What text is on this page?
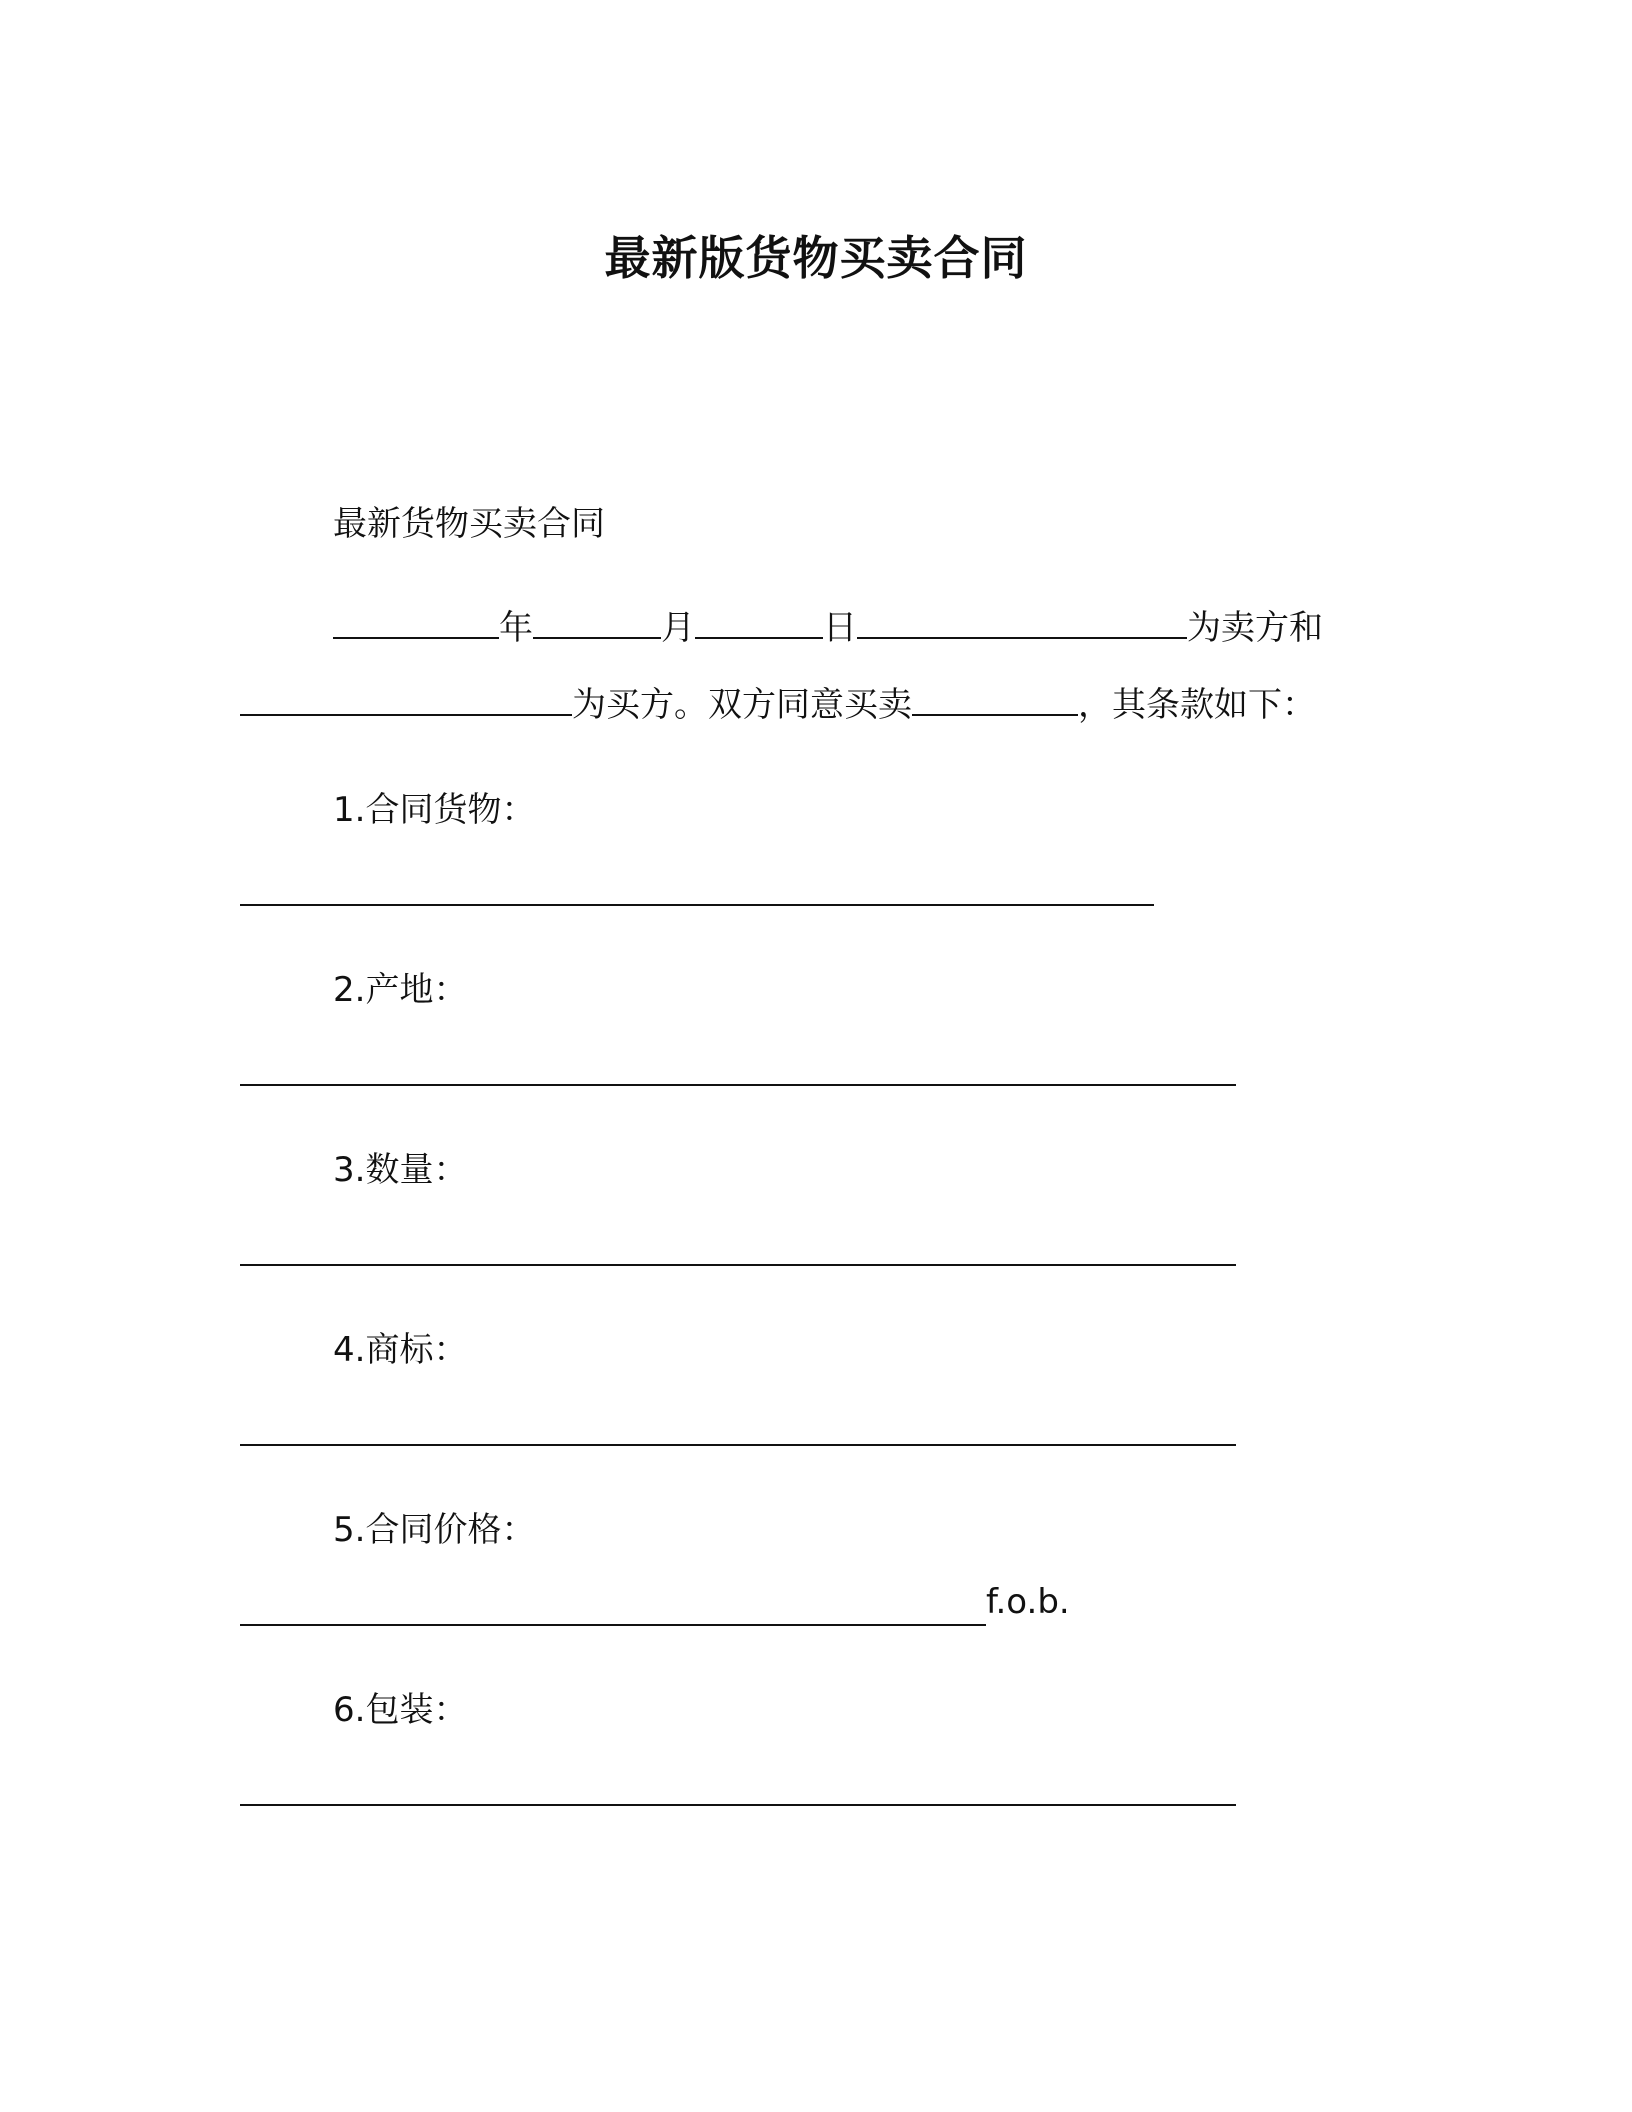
最新版货物买卖合同
最新货物买卖合同
年	月	日	为卖方和
为买方。双方同意买卖	，其条款如下：
1.合同货物：
2.产地：
3.数量：
4.商标：
5.合同价格：
f.o.b.
6.包装：
